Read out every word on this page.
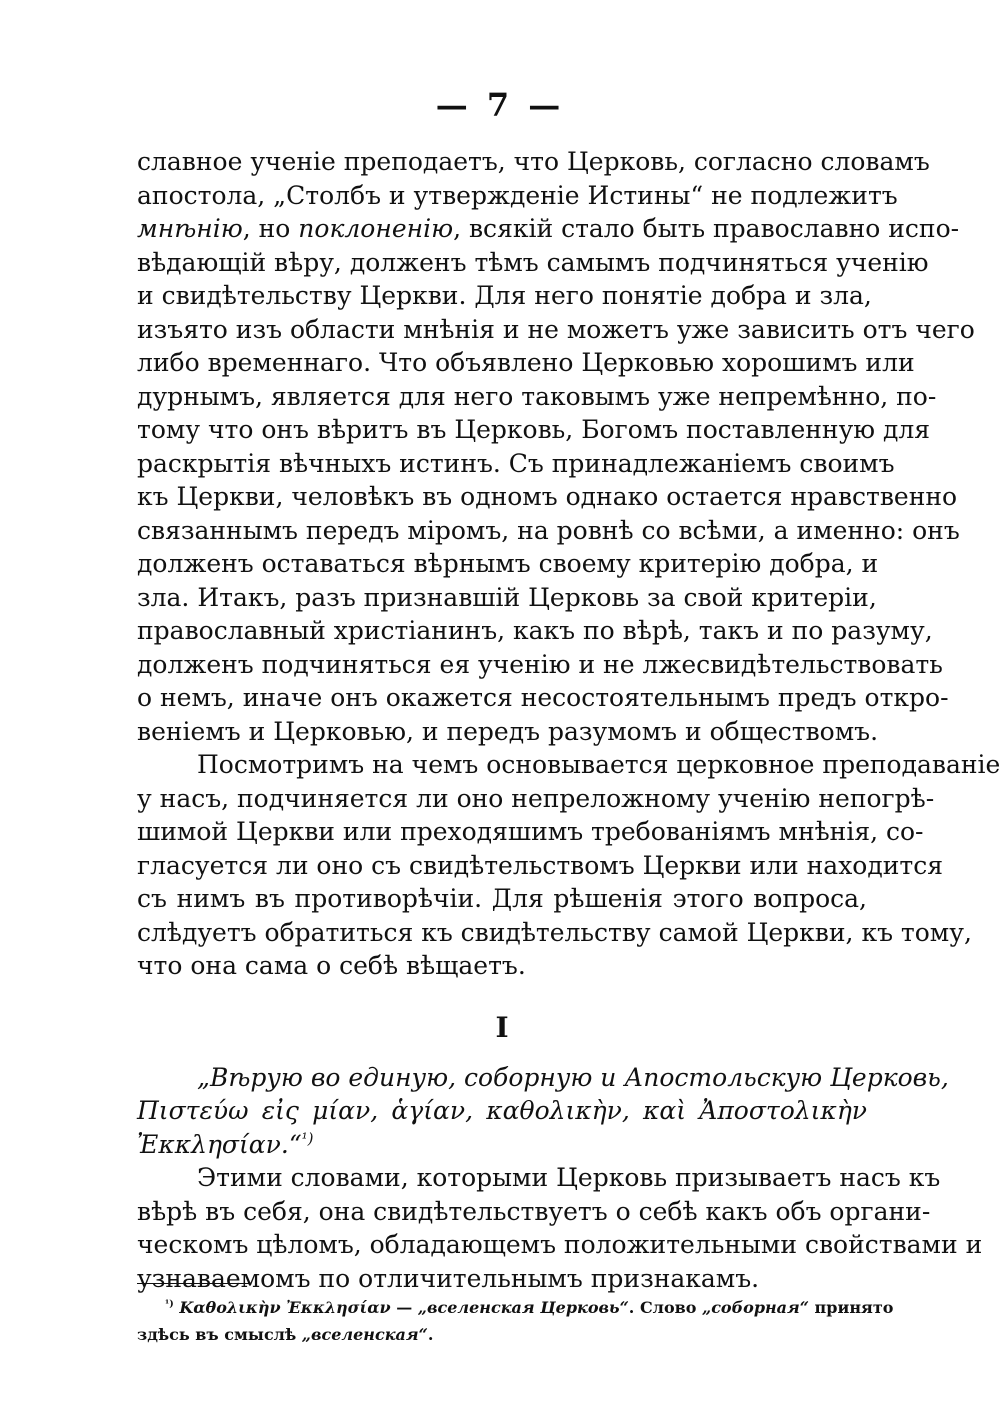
— 7 —
славное ученіе преподаетъ, что Церковь, согласно словамъ
апостола, „Столбъ и утвержденіе Истины“ не подлежитъ
мнѣнію, но поклоненію, всякій стало быть православно испо-
вѣдающій вѣру, долженъ тѣмъ самымъ подчиняться ученію
и свидѣтельству Церкви. Для него понятіе добра и зла,
изъято изъ области мнѣнія и не можетъ уже зависить отъ чего
либо временнаго. Что объявлено Церковью хорошимъ или
дурнымъ, является для него таковымъ уже непремѣнно, по-
тому что онъ вѣритъ въ Церковь, Богомъ поставленную для
раскрытія вѣчныхъ истинъ. Съ принадлежаніемъ своимъ
къ Церкви, человѣкъ въ одномъ однако остается нравственно
связаннымъ передъ міромъ, на ровнѣ со всѣми, а именно: онъ
долженъ оставаться вѣрнымъ своему критерію добра, и
зла. Итакъ, разъ признавшій Церковь за свой критеріи,
православный христіанинъ, какъ по вѣрѣ, такъ и по разуму,
долженъ подчиняться ея ученію и не лжесвидѣтельствовать
о немъ, иначе онъ окажется несостоятельнымъ предъ откро-
веніемъ и Церковью, и передъ разумомъ и обществомъ.
Посмотримъ на чемъ основывается церковное преподаваніе
у насъ, подчиняется ли оно непреложному ученію непогрѣ-
шимой Церкви или преходяшимъ требованіямъ мнѣнія, со-
гласуется ли оно съ свидѣтельствомъ Церкви или находится
съ нимъ въ противорѣчіи. Для рѣшенія этого вопроса,
слѣдуетъ обратиться къ свидѣтельству самой Церкви, къ тому,
что она сама о себѣ вѣщаетъ.
I
„Вѣрую во единую, соборную и Апостольскую Церковь,
Πιστεύω εἰς μίαν, ἁγίαν, καθολικὴν, καὶ Ἀποστολικὴν
Ἐκκλησίαν.“$^{^1)}$
Этими словами, которыми Церковь призываетъ насъ къ
вѣрѣ въ себя, она свидѣтельствуетъ о себѣ какъ объ органи-
ческомъ цѣломъ, обладающемъ положительными свойствами и
узнаваемомъ по отличительнымъ признакамъ.
$^{^1)}$ Καθολικὴν Ἐκκλησίαν — „вселенская Церковь“. Слово „соборная“ принято
здѣсь въ смыслѣ „вселенская“.
